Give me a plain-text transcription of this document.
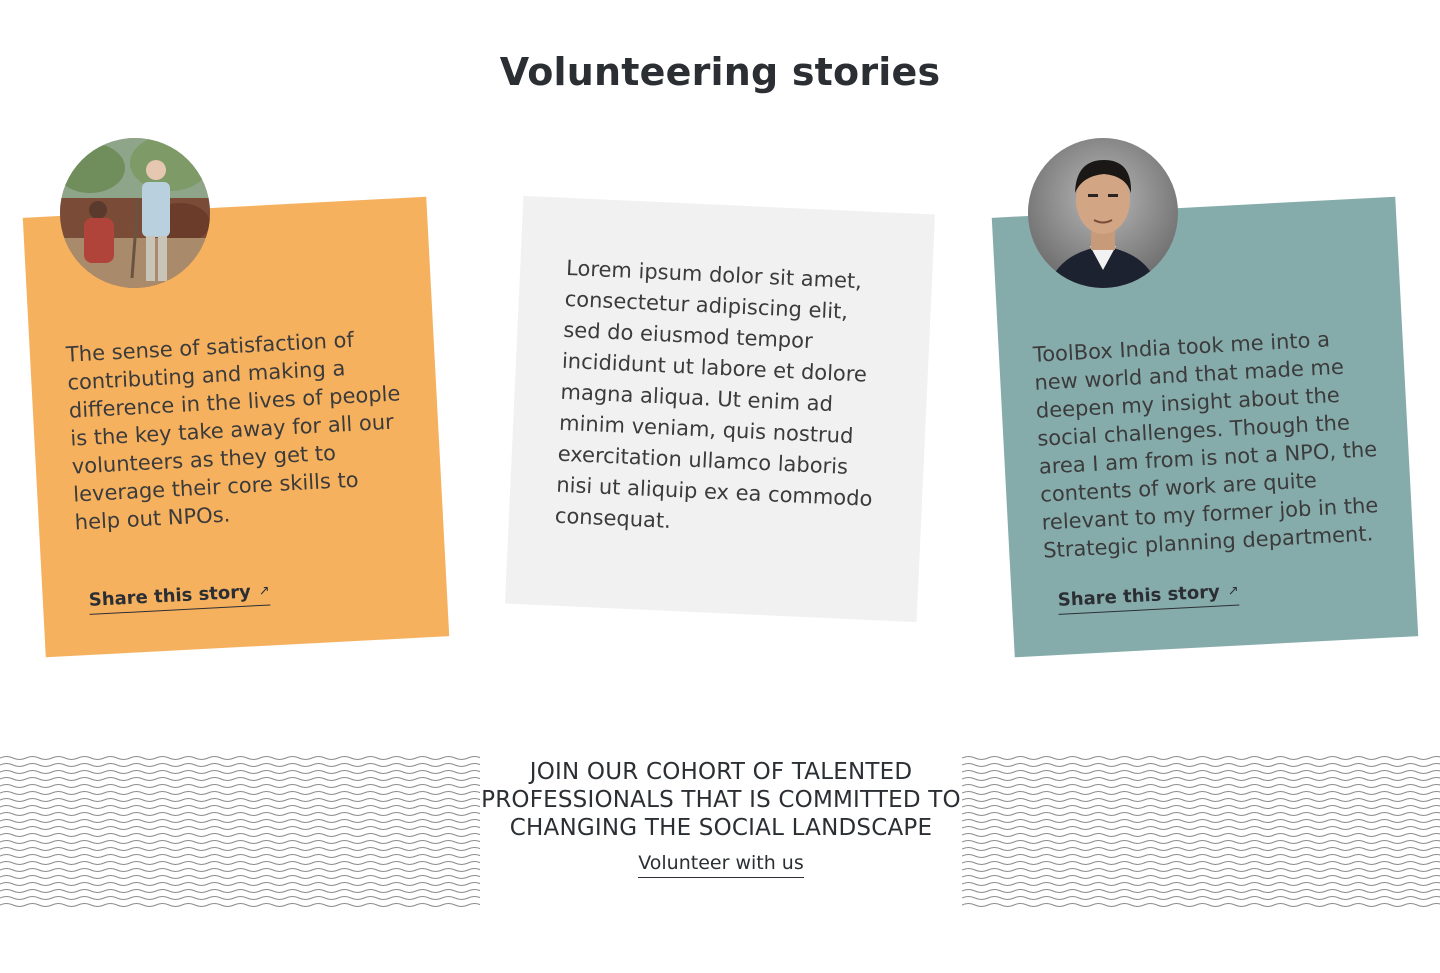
Volunteering stories

The sense of satisfaction of contributing and making a difference in the lives of people is the key take away for all our volunteers as they get to leverage their core skills to help out NPOs.

Share this story ↗

Lorem ipsum dolor sit amet, consectetur adipiscing elit, sed do eiusmod tempor incididunt ut labore et dolore magna aliqua. Ut enim ad minim veniam, quis nostrud exercitation ullamco laboris nisi ut aliquip ex ea commodo consequat.

ToolBox India took me into a new world and that made me deepen my insight about the social challenges. Though the area I am from is not a NPO, the contents of work are quite relevant to my former job in the Strategic planning department.

Share this story ↗

JOIN OUR COHORT OF TALENTED PROFESSIONALS THAT IS COMMITTED TO CHANGING THE SOCIAL LANDSCAPE

Volunteer with us
